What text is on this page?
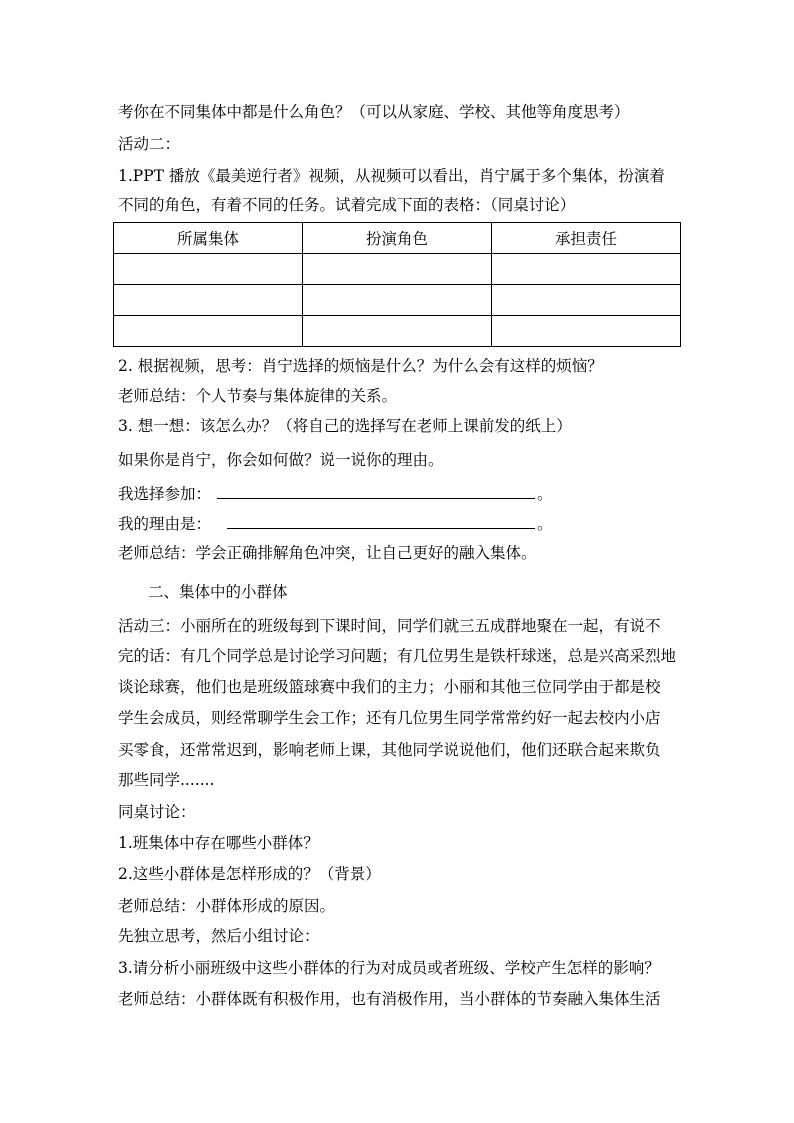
考你在不同集体中都是什么角色？（可以从家庭、学校、其他等角度思考）
活动二：
1.PPT 播放《最美逆行者》视频，从视频可以看出，肖宁属于多个集体，扮演着
不同的角色，有着不同的任务。试着完成下面的表格：（同桌讨论）
所属集体	扮演角色	承担责任

2. 根据视频，思考：肖宁选择的烦恼是什么？为什么会有这样的烦恼？
老师总结：个人节奏与集体旋律的关系。
3. 想一想：该怎么办？（将自己的选择写在老师上课前发的纸上）
如果你是肖宁，你会如何做？说一说你的理由。
我选择参加：	。
我的理由是：	。
老师总结：学会正确排解角色冲突，让自己更好的融入集体。
二、集体中的小群体
活动三：小丽所在的班级每到下课时间，同学们就三五成群地聚在一起，有说不
完的话：有几个同学总是讨论学习问题；有几位男生是铁杆球迷，总是兴高采烈地
谈论球赛，他们也是班级篮球赛中我们的主力；小丽和其他三位同学由于都是校
学生会成员，则经常聊学生会工作；还有几位男生同学常常约好一起去校内小店
买零食，还常常迟到，影响老师上课，其他同学说说他们，他们还联合起来欺负
那些同学.......
同桌讨论：
1.班集体中存在哪些小群体？
2.这些小群体是怎样形成的？（背景）
老师总结：小群体形成的原因。
先独立思考，然后小组讨论：
3.请分析小丽班级中这些小群体的行为对成员或者班级、学校产生怎样的影响？
老师总结：小群体既有积极作用，也有消极作用，当小群体的节奏融入集体生活
